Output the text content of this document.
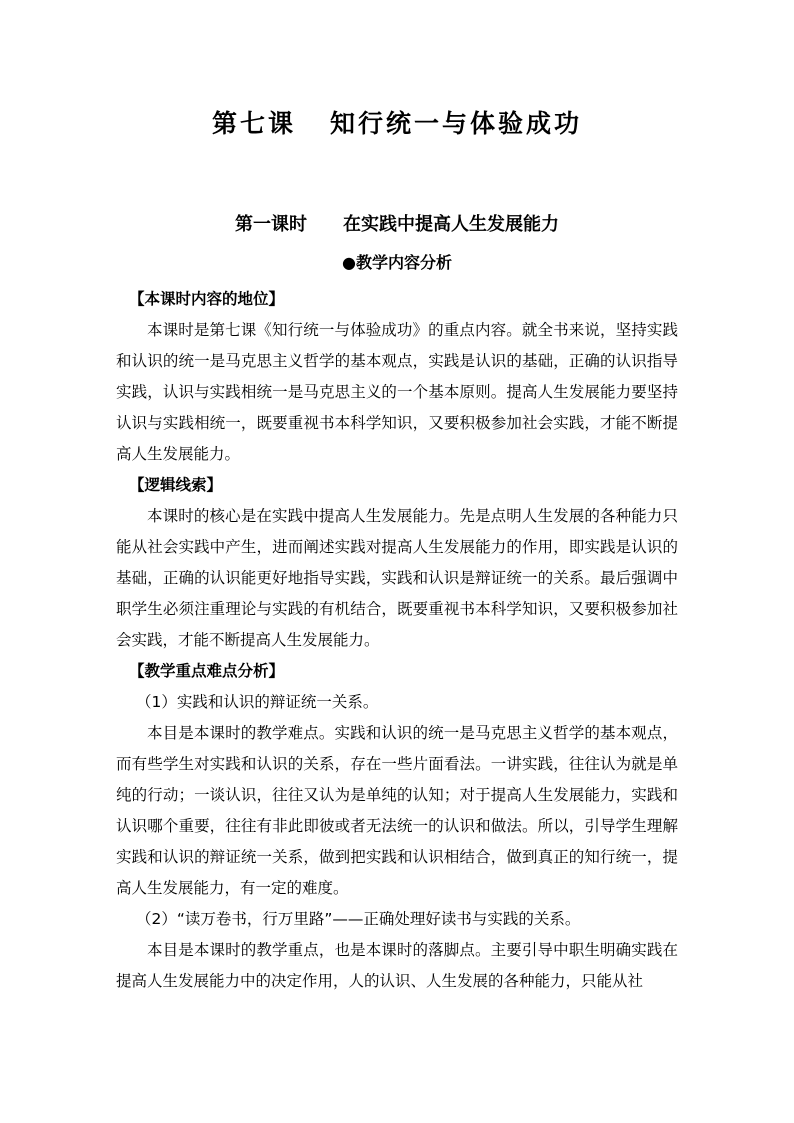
第七课 知行统一与体验成功
第一课时 在实践中提高人生发展能力
●教学内容分析

【本课时内容的地位】

本课时是第七课《知行统一与体验成功》的重点内容。就全书来说，坚持实践和认识的统一是马克思主义哲学的基本观点，实践是认识的基础，正确的认识指导实践，认识与实践相统一是马克思主义的一个基本原则。提高人生发展能力要坚持认识与实践相统一，既要重视书本科学知识，又要积极参加社会实践，才能不断提高人生发展能力。

【逻辑线索】

本课时的核心是在实践中提高人生发展能力。先是点明人生发展的各种能力只能从社会实践中产生，进而阐述实践对提高人生发展能力的作用，即实践是认识的基础，正确的认识能更好地指导实践，实践和认识是辩证统一的关系。最后强调中职学生必须注重理论与实践的有机结合，既要重视书本科学知识，又要积极参加社会实践，才能不断提高人生发展能力。

【教学重点难点分析】

（1）实践和认识的辩证统一关系。

本目是本课时的教学难点。实践和认识的统一是马克思主义哲学的基本观点，而有些学生对实践和认识的关系，存在一些片面看法。一讲实践，往往认为就是单纯的行动；一谈认识，往往又认为是单纯的认知；对于提高人生发展能力，实践和认识哪个重要，往往有非此即彼或者无法统一的认识和做法。所以，引导学生理解实践和认识的辩证统一关系，做到把实践和认识相结合，做到真正的知行统一，提高人生发展能力，有一定的难度。

（2）“读万卷书，行万里路”——正确处理好读书与实践的关系。

本目是本课时的教学重点，也是本课时的落脚点。主要引导中职生明确实践在提高人生发展能力中的决定作用，人的认识、人生发展的各种能力，只能从社
